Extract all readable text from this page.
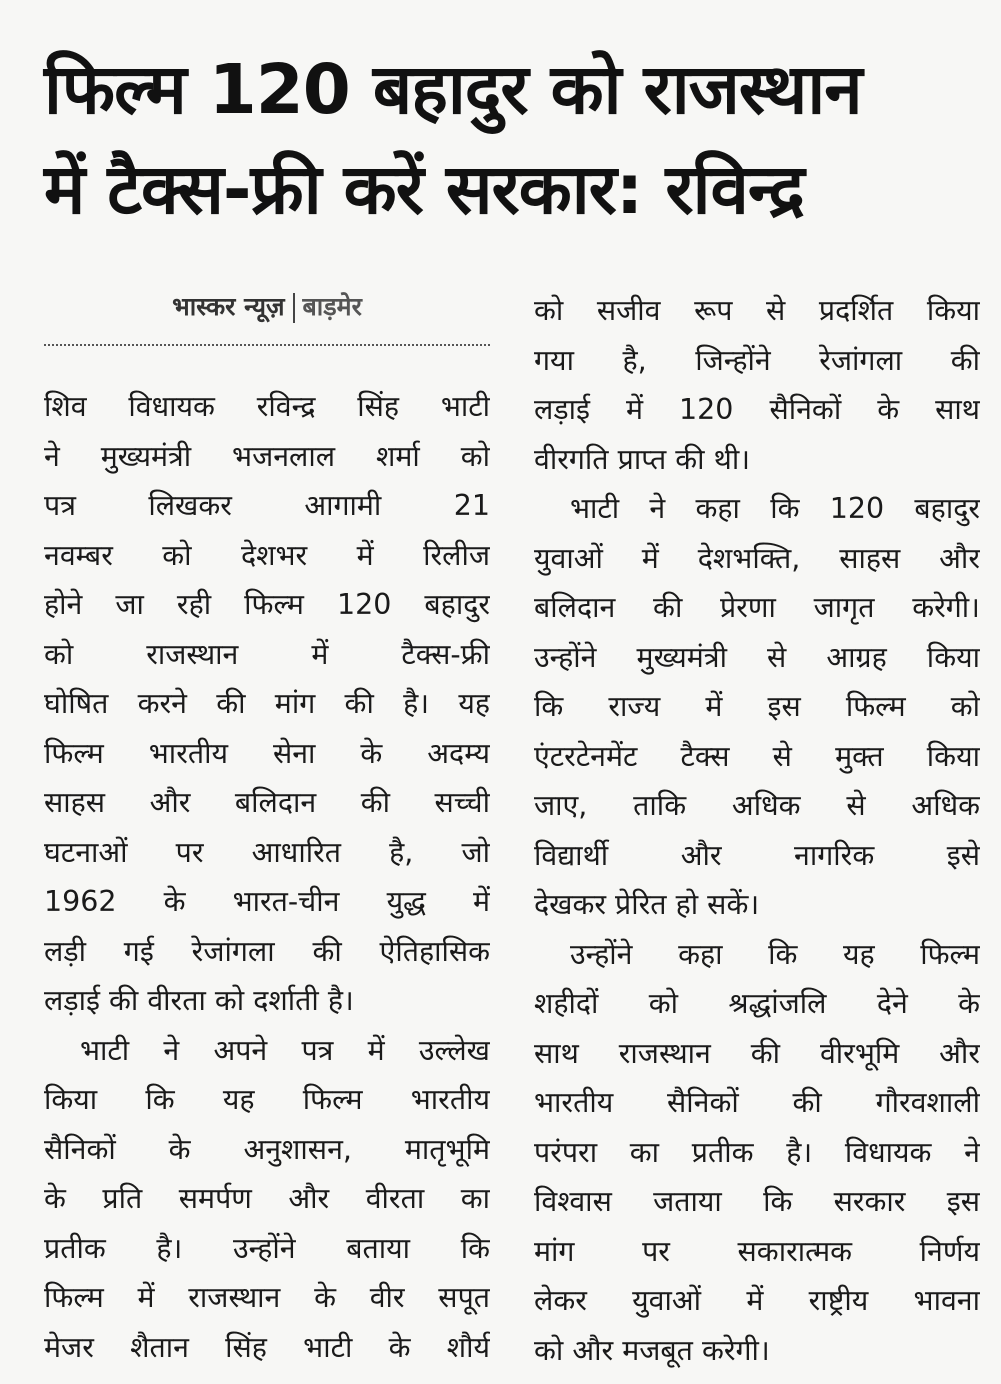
फिल्म 120 बहादुर को राजस्थान
में टैक्स-फ्री करें सरकार: रविन्द्र
भास्कर न्यूज़ बाड़मेर
शिव विधायक रविन्द्र सिंह भाटी
ने मुख्यमंत्री भजनलाल शर्मा को
पत्र लिखकर आगामी 21
नवम्बर को देशभर में रिलीज
होने जा रही फिल्म 120 बहादुर
को राजस्थान में टैक्स-फ्री
घोषित करने की मांग की है। यह
फिल्म भारतीय सेना के अदम्य
साहस और बलिदान की सच्ची
घटनाओं पर आधारित है, जो
1962 के भारत-चीन युद्ध में
लड़ी गई रेजांगला की ऐतिहासिक
लड़ाई की वीरता को दर्शाती है।
भाटी ने अपने पत्र में उल्लेख
किया कि यह फिल्म भारतीय
सैनिकों के अनुशासन, मातृभूमि
के प्रति समर्पण और वीरता का
प्रतीक है। उन्होंने बताया कि
फिल्म में राजस्थान के वीर सपूत
मेजर शैतान सिंह भाटी के शौर्य
को सजीव रूप से प्रदर्शित किया
गया है, जिन्होंने रेजांगला की
लड़ाई में 120 सैनिकों के साथ
वीरगति प्राप्त की थी।
भाटी ने कहा कि 120 बहादुर
युवाओं में देशभक्ति, साहस और
बलिदान की प्रेरणा जागृत करेगी।
उन्होंने मुख्यमंत्री से आग्रह किया
कि राज्य में इस फिल्म को
एंटरटेनमेंट टैक्स से मुक्त किया
जाए, ताकि अधिक से अधिक
विद्यार्थी और नागरिक इसे
देखकर प्रेरित हो सकें।
उन्होंने कहा कि यह फिल्म
शहीदों को श्रद्धांजलि देने के
साथ राजस्थान की वीरभूमि और
भारतीय सैनिकों की गौरवशाली
परंपरा का प्रतीक है। विधायक ने
विश्वास जताया कि सरकार इस
मांग पर सकारात्मक निर्णय
लेकर युवाओं में राष्ट्रीय भावना
को और मजबूत करेगी।
